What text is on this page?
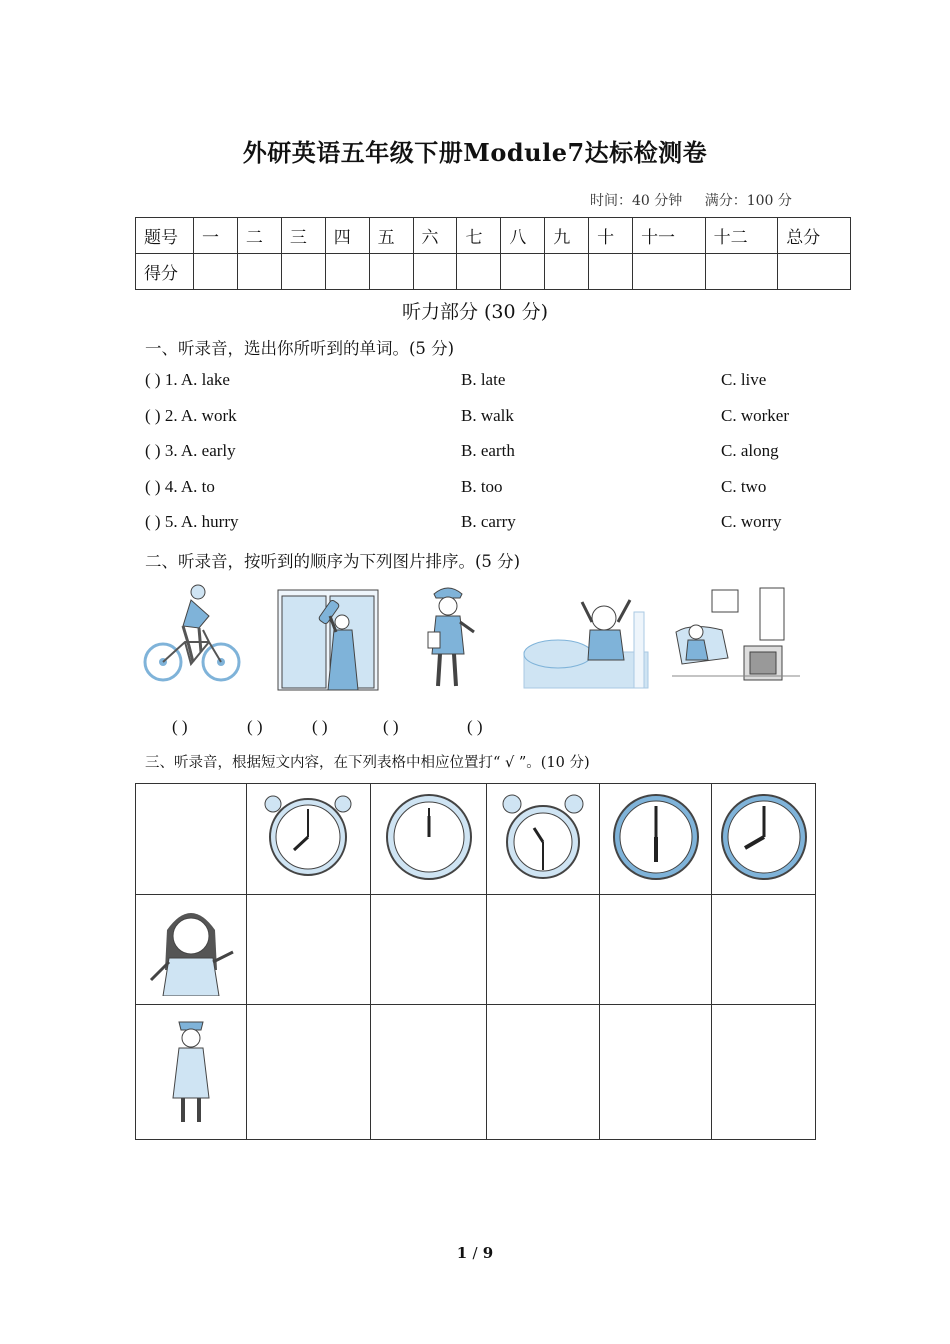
外研英语五年级下册Module7达标检测卷
时间：40 分钟 满分：100 分
题号	一	二	三	四	五	六	七	八	九	十	十一	十二	总分
得分													
听力部分 (30 分)
一、听录音，选出你所听到的单词。(5 分)
( ) 1. A. lake	B. late	C. live
( ) 2. A. work	B. walk	C. worker
( ) 3. A. early	B. earth	C. along
( ) 4. A. to	B. too	C. two
( ) 5. A. hurry	B. carry	C. worry
二、听录音，按听到的顺序为下列图片排序。(5 分)
( )	( )	( )	( )	( )
三、听录音，根据短文内容，在下列表格中相应位置打“ √ ”。(10 分)

1 / 9
